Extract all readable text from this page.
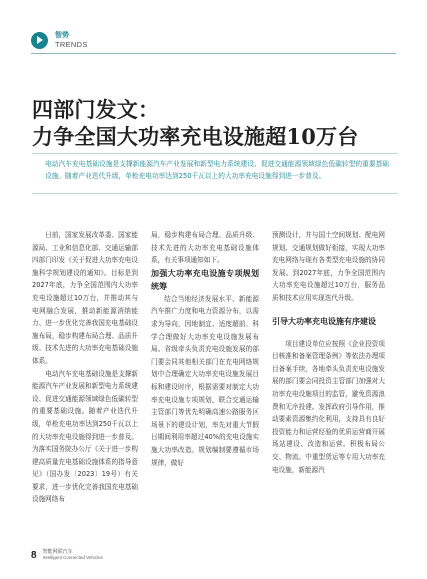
智势
TRENDS
四部门发文：
力争全国大功率充电设施超10万台
电动汽车充电基础设施是支撑新能源汽车产业发展和新型电力系统建设、促进交通能源领域绿色低碳转型的重要基础设施。随着产业迭代升级，单枪充电功率达到250千瓦以上的大功率充电设施得到进一步普及。

日前，国家发展改革委、国家能源局、工业和信息化部、交通运输部四部门印发《关于促进大功率充电设施科学规划建设的通知》。目标是到2027年底，力争全国范围内大功率充电设施超过10万台，并推动其与电网融合发展，推动新能源消纳能力、进一步优化完善我国充电基础设施布局，稳步构建布局合理、品质升级、技术先进的大功率充电基础设施体系。

电动汽车充电基础设施是支撑新能源汽车产业发展和新型电力系统建设、促进交通能源领域绿色低碳转型的重要基础设施。随着产业迭代升级，单枪充电功率达到250千瓦以上的大功率充电设施得到进一步普及。为落实国务院办公厅《关于进一步构建高质量充电基础设施体系的指导意见》（国办发〔2023〕19号）有关要求，进一步优化完善我国充电基础设施网络布

局，稳步构建布局合理、品质升级、技术先进的大功率充电基础设施体系，有关事项通知如下。

加强大功率充电设施专项规划统筹

结合当地经济发展水平、新能源汽车推广力度和电力资源分布，以需求为导向，因地制宜、适度超前、科学合理做好大功率充电设施发展布局。省级牵头负责充电设施发展的部门要会同其他相关部门在充电网络规划中合理确定大功率充电设施发展目标和建设时序，根据需要对制定大功率充电设施专项规划，联合交通运输主管部门等优先明确高速公路服务区场景下的建设计划，率先对重大节假日期间利用率超过40%的充电设施实施大功率改造。规划编制要遵循市场规律，做好

预测设计，并与国土空间规划、配电网规划、交通规划做好衔接，实现大功率充电网络与现有各类型充电设施的协同发展。到2027年底，力争全国范围内大功率充电设施超过10万台，服务品质和技术应用实现迭代升级。

引导大功率充电设施有序建设

项目建设单位应按照《企业投资项目核准和备案管理条例》等依法办理项目备案手续，各地牵头负责充电设施发展的部门要会同投资主管部门加强对大功率充电设施项目的监管，避免资源浪费和无序投建。发挥政府引导作用，推动要素资源集约化利用，支持具有良好投资能力和运营经验的优质运营商开展场站建设、改造和运营。积极布局公交、物流、中重型货运等专用大功率充电设施，新能源汽

8 智能网联汽车
Intelligent Connected Vehicles
